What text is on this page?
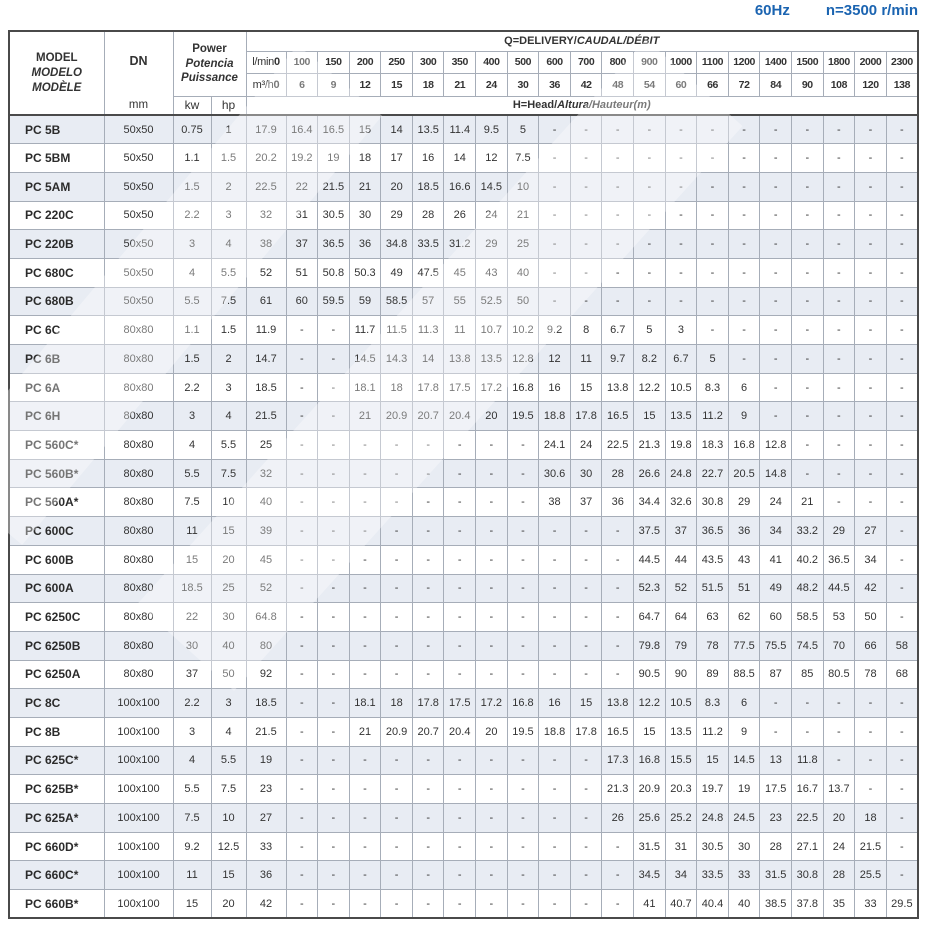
60Hz n=3500 r/min
MODEL
MODELO
MODÈLE

DN
mm

Power
Potencia
Puissance
	Q=DELIVERY/CAUDAL/DÉBIT
				l/min0	100	150	200	250	300	350	400	500	600	700	800	900	1000	1100	1200	1400	1500	1800	2000	2300
				m³/h0	6	9	12	15	18	21	24	30	36	42	48	54	60	66	72	84	90	108	120	138
		kw	hp	H=Head/Altura/Hauteur(m)																				
PC 5B	50x50	0.75	1	17.9	16.4	16.5	15	14	13.5	11.4	9.5	5	-	-	-	-	-	-	-	-	-	-	-	-
PC 5BM	50x50	1.1	1.5	20.2	19.2	19	18	17	16	14	12	7.5	-	-	-	-	-	-	-	-	-	-	-	-
PC 5AM	50x50	1.5	2	22.5	22	21.5	21	20	18.5	16.6	14.5	10	-	-	-	-	-	-	-	-	-	-	-	-
PC 220C	50x50	2.2	3	32	31	30.5	30	29	28	26	24	21	-	-	-	-	-	-	-	-	-	-	-	-
PC 220B	50x50	3	4	38	37	36.5	36	34.8	33.5	31.2	29	25	-	-	-	-	-	-	-	-	-	-	-	-
PC 680C	50x50	4	5.5	52	51	50.8	50.3	49	47.5	45	43	40	-	-	-	-	-	-	-	-	-	-	-	-
PC 680B	50x50	5.5	7.5	61	60	59.5	59	58.5	57	55	52.5	50	-	-	-	-	-	-	-	-	-	-	-	-
PC 6C	80x80	1.1	1.5	11.9	-	-	11.7	11.5	11.3	11	10.7	10.2	9.2	8	6.7	5	3	-	-	-	-	-	-	-
PC 6B	80x80	1.5	2	14.7	-	-	14.5	14.3	14	13.8	13.5	12.8	12	11	9.7	8.2	6.7	5	-	-	-	-	-	-
PC 6A	80x80	2.2	3	18.5	-	-	18.1	18	17.8	17.5	17.2	16.8	16	15	13.8	12.2	10.5	8.3	6	-	-	-	-	-
PC 6H	80x80	3	4	21.5	-	-	21	20.9	20.7	20.4	20	19.5	18.8	17.8	16.5	15	13.5	11.2	9	-	-	-	-	-
PC 560C*	80x80	4	5.5	25	-	-	-	-	-	-	-	-	24.1	24	22.5	21.3	19.8	18.3	16.8	12.8	-	-	-	-
PC 560B*	80x80	5.5	7.5	32	-	-	-	-	-	-	-	-	30.6	30	28	26.6	24.8	22.7	20.5	14.8	-	-	-	-
PC 560A*	80x80	7.5	10	40	-	-	-	-	-	-	-	-	38	37	36	34.4	32.6	30.8	29	24	21	-	-	-
PC 600C	80x80	11	15	39	-	-	-	-	-	-	-	-	-	-	-	37.5	37	36.5	36	34	33.2	29	27	-
PC 600B	80x80	15	20	45	-	-	-	-	-	-	-	-	-	-	-	44.5	44	43.5	43	41	40.2	36.5	34	-
PC 600A	80x80	18.5	25	52	-	-	-	-	-	-	-	-	-	-	-	52.3	52	51.5	51	49	48.2	44.5	42	-
PC 6250C	80x80	22	30	64.8	-	-	-	-	-	-	-	-	-	-	-	64.7	64	63	62	60	58.5	53	50	-
PC 6250B	80x80	30	40	80	-	-	-	-	-	-	-	-	-	-	-	79.8	79	78	77.5	75.5	74.5	70	66	58
PC 6250A	80x80	37	50	92	-	-	-	-	-	-	-	-	-	-	-	90.5	90	89	88.5	87	85	80.5	78	68
PC 8C	100x100	2.2	3	18.5	-	-	18.1	18	17.8	17.5	17.2	16.8	16	15	13.8	12.2	10.5	8.3	6	-	-	-	-	-
PC 8B	100x100	3	4	21.5	-	-	21	20.9	20.7	20.4	20	19.5	18.8	17.8	16.5	15	13.5	11.2	9	-	-	-	-	-
PC 625C*	100x100	4	5.5	19	-	-	-	-	-	-	-	-	-	-	17.3	16.8	15.5	15	14.5	13	11.8	-	-	-
PC 625B*	100x100	5.5	7.5	23	-	-	-	-	-	-	-	-	-	-	21.3	20.9	20.3	19.7	19	17.5	16.7	13.7	-	-
PC 625A*	100x100	7.5	10	27	-	-	-	-	-	-	-	-	-	-	26	25.6	25.2	24.8	24.5	23	22.5	20	18	-
PC 660D*	100x100	9.2	12.5	33	-	-	-	-	-	-	-	-	-	-	-	31.5	31	30.5	30	28	27.1	24	21.5	-
PC 660C*	100x100	11	15	36	-	-	-	-	-	-	-	-	-	-	-	34.5	34	33.5	33	31.5	30.8	28	25.5	-
PC 660B*	100x100	15	20	42	-	-	-	-	-	-	-	-	-	-	-	41	40.7	40.4	40	38.5	37.8	35	33	29.5
